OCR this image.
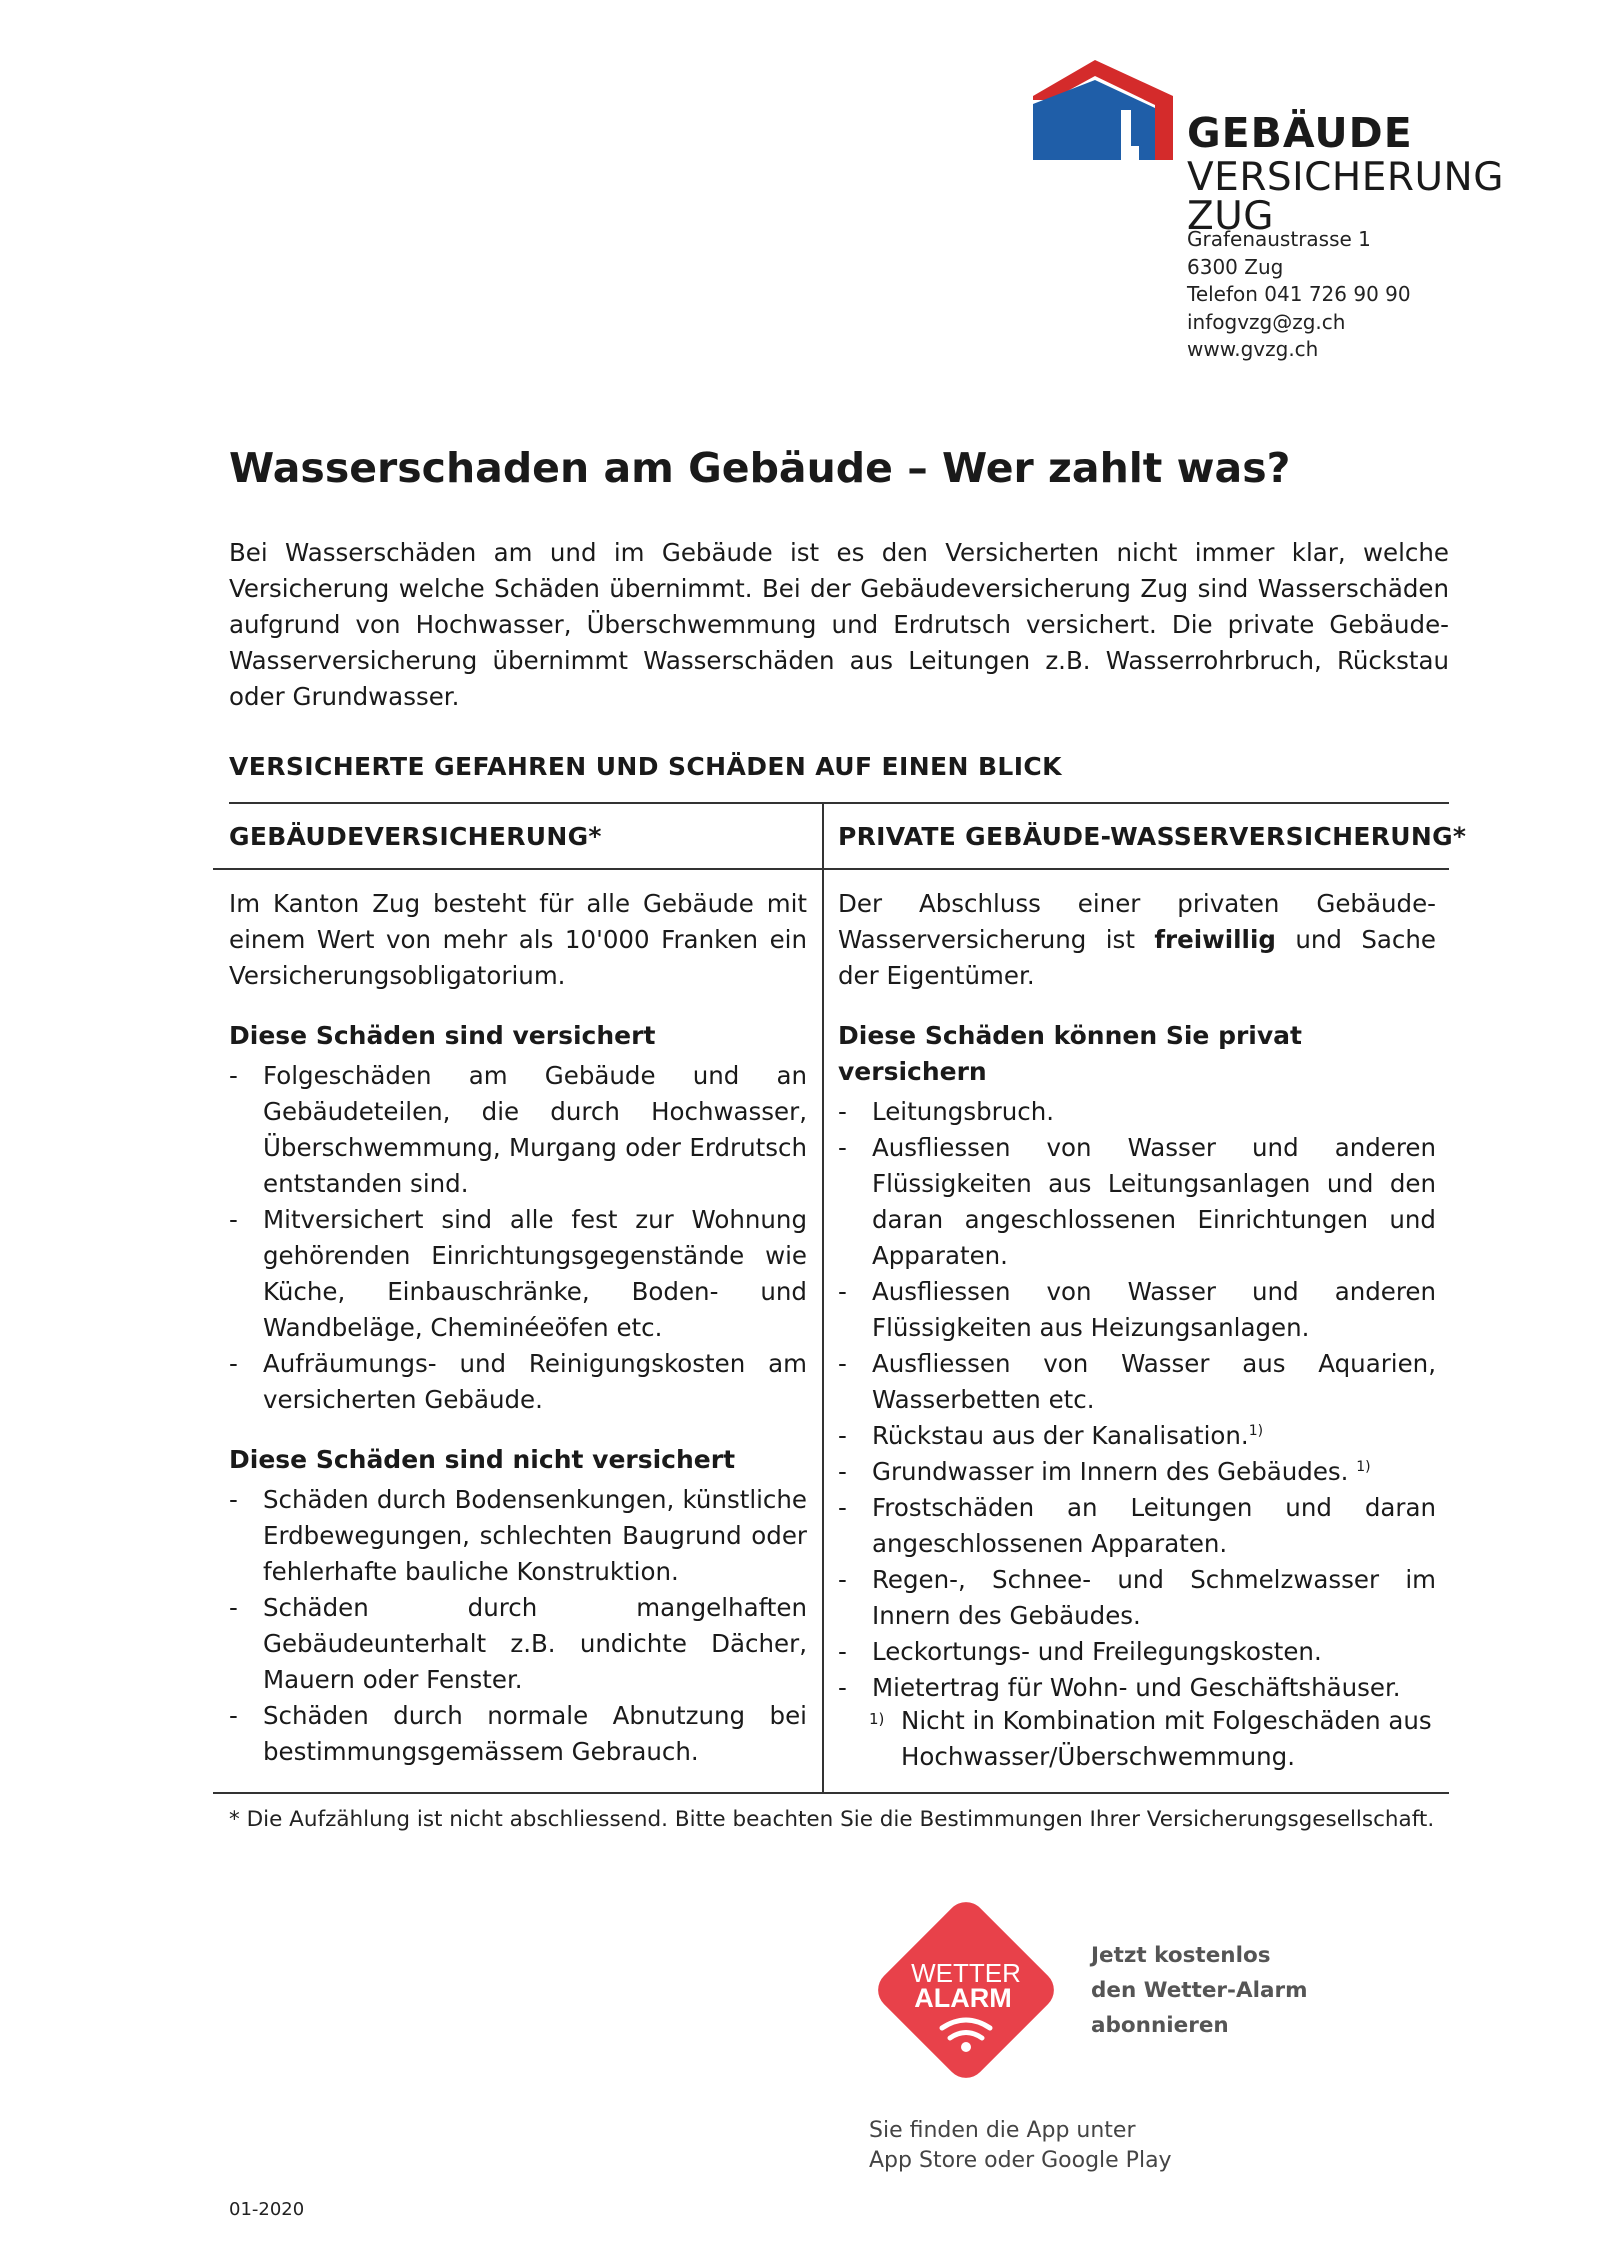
GEBÄUDE
VERSICHERUNG ZUG
Grafenaustrasse 1
6300 Zug
Telefon 041 726 90 90
infogvzg@zg.ch
www.gvzg.ch
Wasserschaden am Gebäude – Wer zahlt was?
Bei Wasserschäden am und im Gebäude ist es den Versicherten nicht immer klar, welche Versicherung welche Schäden übernimmt. Bei der Gebäudeversicherung Zug sind Wasserschäden aufgrund von Hochwasser, Überschwemmung und Erdrutsch versichert. Die private Gebäude-Wasserversicherung übernimmt Wasserschäden aus Leitungen z.B. Wasserrohrbruch, Rückstau oder Grundwasser.
VERSICHERTE GEFAHREN UND SCHÄDEN AUF EINEN BLICK
GEBÄUDEVERSICHERUNG*	PRIVATE GEBÄUDE-WASSERVERSICHERUNG*
Im Kanton Zug besteht für alle Gebäude mit einem Wert von mehr als 10'000 Franken ein Versicherungsobligatorium.
Diese Schäden sind versichert
- Folgeschäden am Gebäude und an Gebäudeteilen, die durch Hochwasser, Überschwemmung, Murgang oder Erdrutsch entstanden sind.
- Mitversichert sind alle fest zur Wohnung gehörenden Einrichtungsgegenstände wie Küche, Einbauschränke, Boden- und Wandbeläge, Cheminéeöfen etc.
- Aufräumungs- und Reinigungskosten am versicherten Gebäude.
Diese Schäden sind nicht versichert
- Schäden durch Bodensenkungen, künstliche Erdbewegungen, schlechten Baugrund oder fehlerhafte bauliche Konstruktion.
- Schäden durch mangelhaften Gebäudeunterhalt z.B. undichte Dächer, Mauern oder Fenster.
- Schäden durch normale Abnutzung bei bestimmungsgemässem Gebrauch.
Der Abschluss einer privaten Gebäude-Wasserversicherung ist freiwillig und Sache der Eigentümer.
Diese Schäden können Sie privat versichern
- Leitungsbruch.
- Ausfliessen von Wasser und anderen Flüssigkeiten aus Leitungsanlagen und den daran angeschlossenen Einrichtungen und Apparaten.
- Ausfliessen von Wasser und anderen Flüssigkeiten aus Heizungsanlagen.
- Ausfliessen von Wasser aus Aquarien, Wasserbetten etc.
- Rückstau aus der Kanalisation.$^{1)}$
- Grundwasser im Innern des Gebäudes. $^{1)}$
- Frostschäden an Leitungen und daran angeschlossenen Apparaten.
- Regen-, Schnee- und Schmelzwasser im Innern des Gebäudes.
- Leckortungs- und Freilegungskosten.
- Mietertrag für Wohn- und Geschäftshäuser.
1) Nicht in Kombination mit Folgeschäden aus Hochwasser/Überschwemmung.
* Die Aufzählung ist nicht abschliessend. Bitte beachten Sie die Bestimmungen Ihrer Versicherungsgesellschaft.
WETTER
ALARM
Jetzt kostenlos
den Wetter-Alarm
abonnieren
Sie finden die App unter
App Store oder Google Play
01-2020
